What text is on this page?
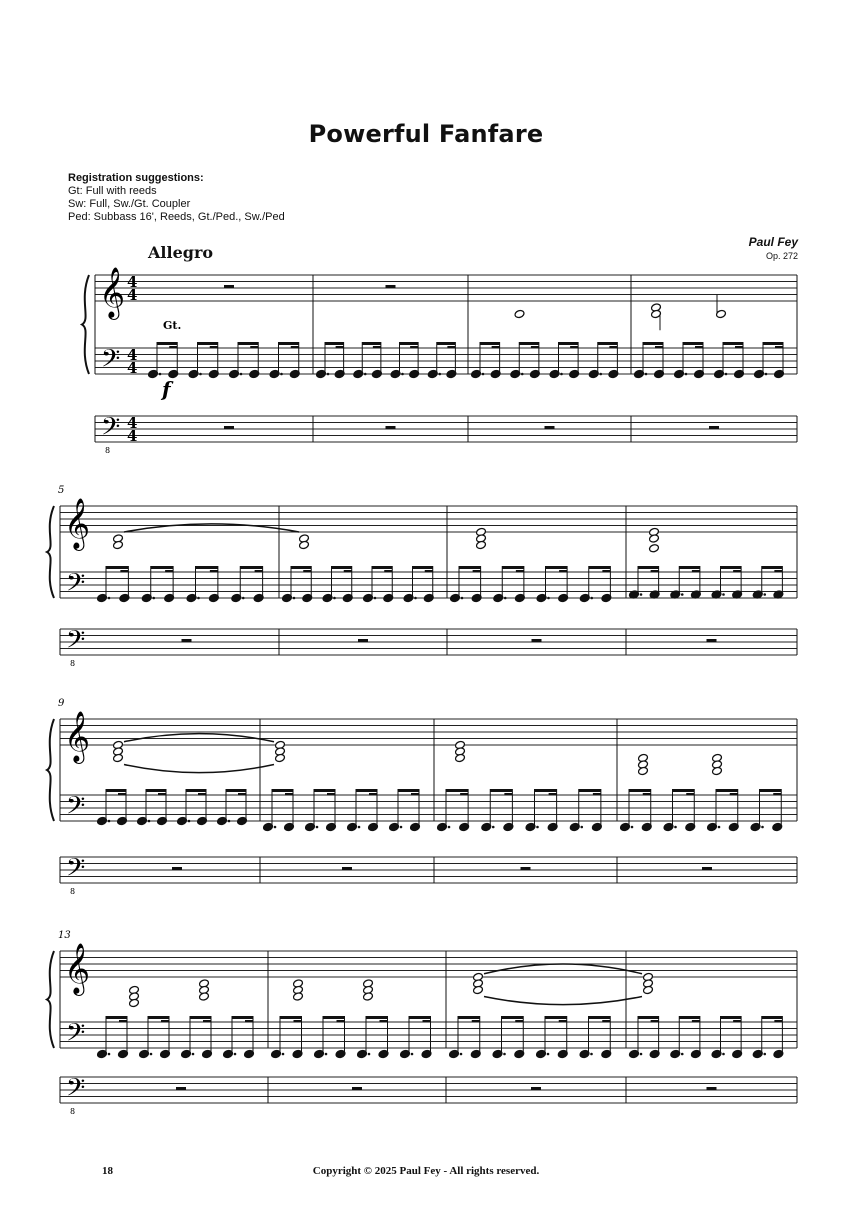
Powerful Fanfare
Registration suggestions:
Gt: Full with reeds
Sw: Full, Sw./Gt. Coupler
Ped: Subbass 16', Reeds, Gt./Ped., Sw./Ped
Paul Fey
Op. 272
Allegro
𝄞
𝄢
𝄢
8
4
4
4
4
4
4
Gt.
f
𝄞
𝄢
𝄢
8
5
𝄞
𝄢
𝄢
8
9
𝄞
𝄢
𝄢
8
13
18	Copyright © 2025 Paul Fey - All rights reserved.
